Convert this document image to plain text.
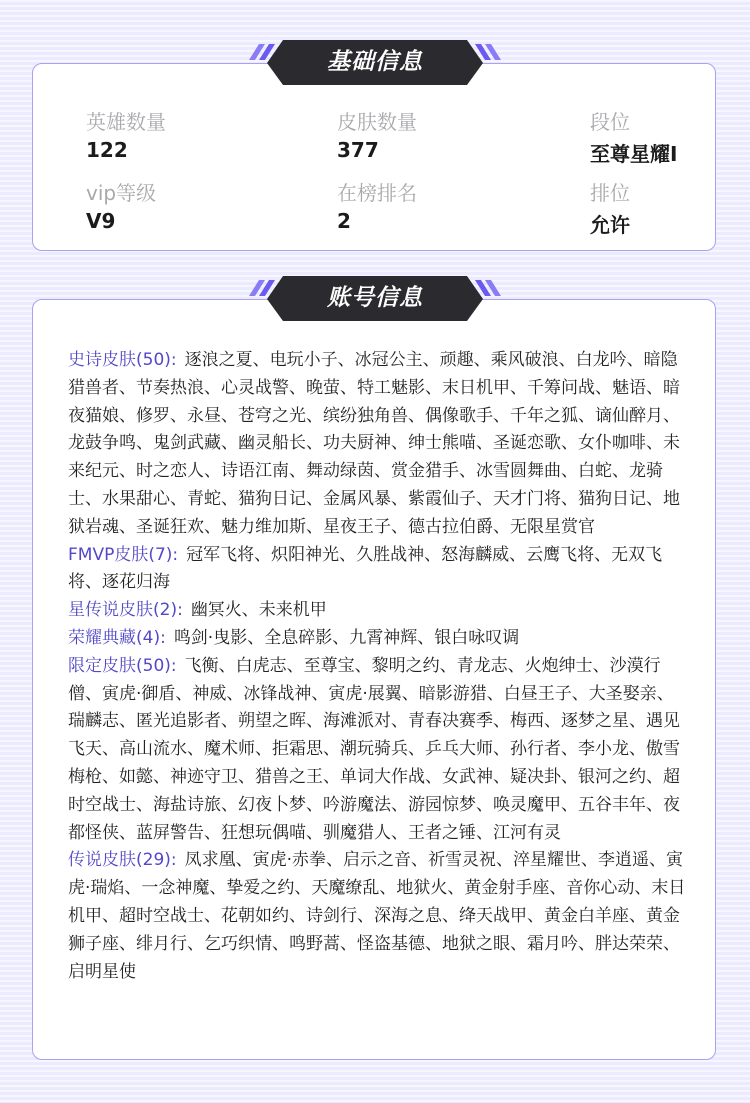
英雄数量
122
皮肤数量
377
段位
至尊星耀I
vip等级
V9
在榜排名
2
排位
允许
基础信息
账号信息
史诗皮肤(50): 逐浪之夏、电玩小子、冰冠公主、顽趣、乘风破浪、白龙吟、暗隐猎兽者、节奏热浪、心灵战警、晚萤、特工魅影、末日机甲、千筹问战、魅语、暗夜猫娘、修罗、永昼、苍穹之光、缤纷独角兽、偶像歌手、千年之狐、谪仙醉月、龙鼓争鸣、鬼剑武藏、幽灵船长、功夫厨神、绅士熊喵、圣诞恋歌、女仆咖啡、未来纪元、时之恋人、诗语江南、舞动绿茵、赏金猎手、冰雪圆舞曲、白蛇、龙骑士、水果甜心、青蛇、猫狗日记、金属风暴、紫霞仙子、天才门将、猫狗日记、地狱岩魂、圣诞狂欢、魅力维加斯、星夜王子、德古拉伯爵、无限星赏官
FMVP皮肤(7): 冠军飞将、炽阳神光、久胜战神、怒海麟威、云鹰飞将、无双飞将、逐花归海
星传说皮肤(2): 幽冥火、未来机甲
荣耀典藏(4): 鸣剑·曳影、全息碎影、九霄神辉、银白咏叹调
限定皮肤(50): 飞衡、白虎志、至尊宝、黎明之约、青龙志、火炮绅士、沙漠行僧、寅虎·御盾、神威、冰锋战神、寅虎·展翼、暗影游猎、白昼王子、大圣娶亲、瑞麟志、匿光追影者、朔望之晖、海滩派对、青春决赛季、梅西、逐梦之星、遇见飞天、高山流水、魔术师、拒霜思、潮玩骑兵、乒乓大师、孙行者、李小龙、傲雪梅枪、如懿、神迹守卫、猎兽之王、单词大作战、女武神、疑决卦、银河之约、超时空战士、海盐诗旅、幻夜卜梦、吟游魔法、游园惊梦、唤灵魔甲、五谷丰年、夜都怪侠、蓝屏警告、狂想玩偶喵、驯魔猎人、王者之锤、江河有灵
传说皮肤(29): 凤求凰、寅虎·赤拳、启示之音、祈雪灵祝、淬星耀世、李逍遥、寅虎·瑞焰、一念神魔、挚爱之约、天魔缭乱、地狱火、黄金射手座、音你心动、末日机甲、超时空战士、花朝如约、诗剑行、深海之息、绛天战甲、黄金白羊座、黄金狮子座、绯月行、乞巧织情、鸣野蒿、怪盗基德、地狱之眼、霜月吟、胖达荣荣、启明星使
